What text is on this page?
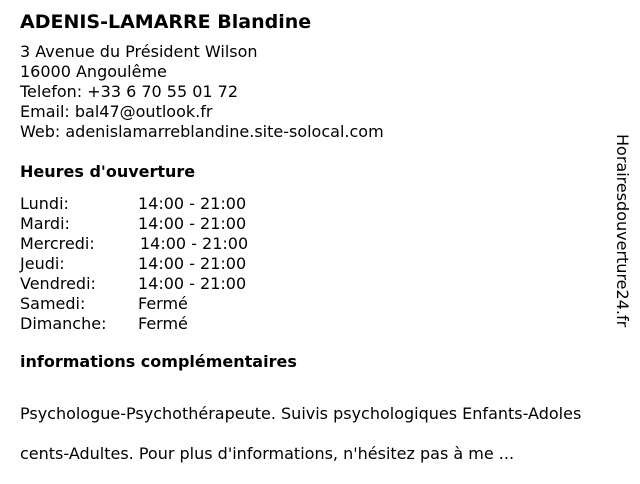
ADENIS-LAMARRE Blandine
3 Avenue du Président Wilson
16000 Angoulême
Telefon: +33 6 70 55 01 72
Email: bal47@outlook.fr
Web: adenislamarreblandine.site-solocal.com
Heures d'ouverture
Lundi:	14:00 - 21:00
Mardi:	14:00 - 21:00
Mercredi:	14:00 - 21:00
Jeudi:	14:00 - 21:00
Vendredi:	14:00 - 21:00
Samedi:	Fermé
Dimanche:	Fermé
informations complémentaires

Psychologue-Psychothérapeute. Suivis psychologiques Enfants-Adoles

cents-Adultes. Pour plus d'informations, n'hésitez pas à me ...

Horairesdouverture24.fr
